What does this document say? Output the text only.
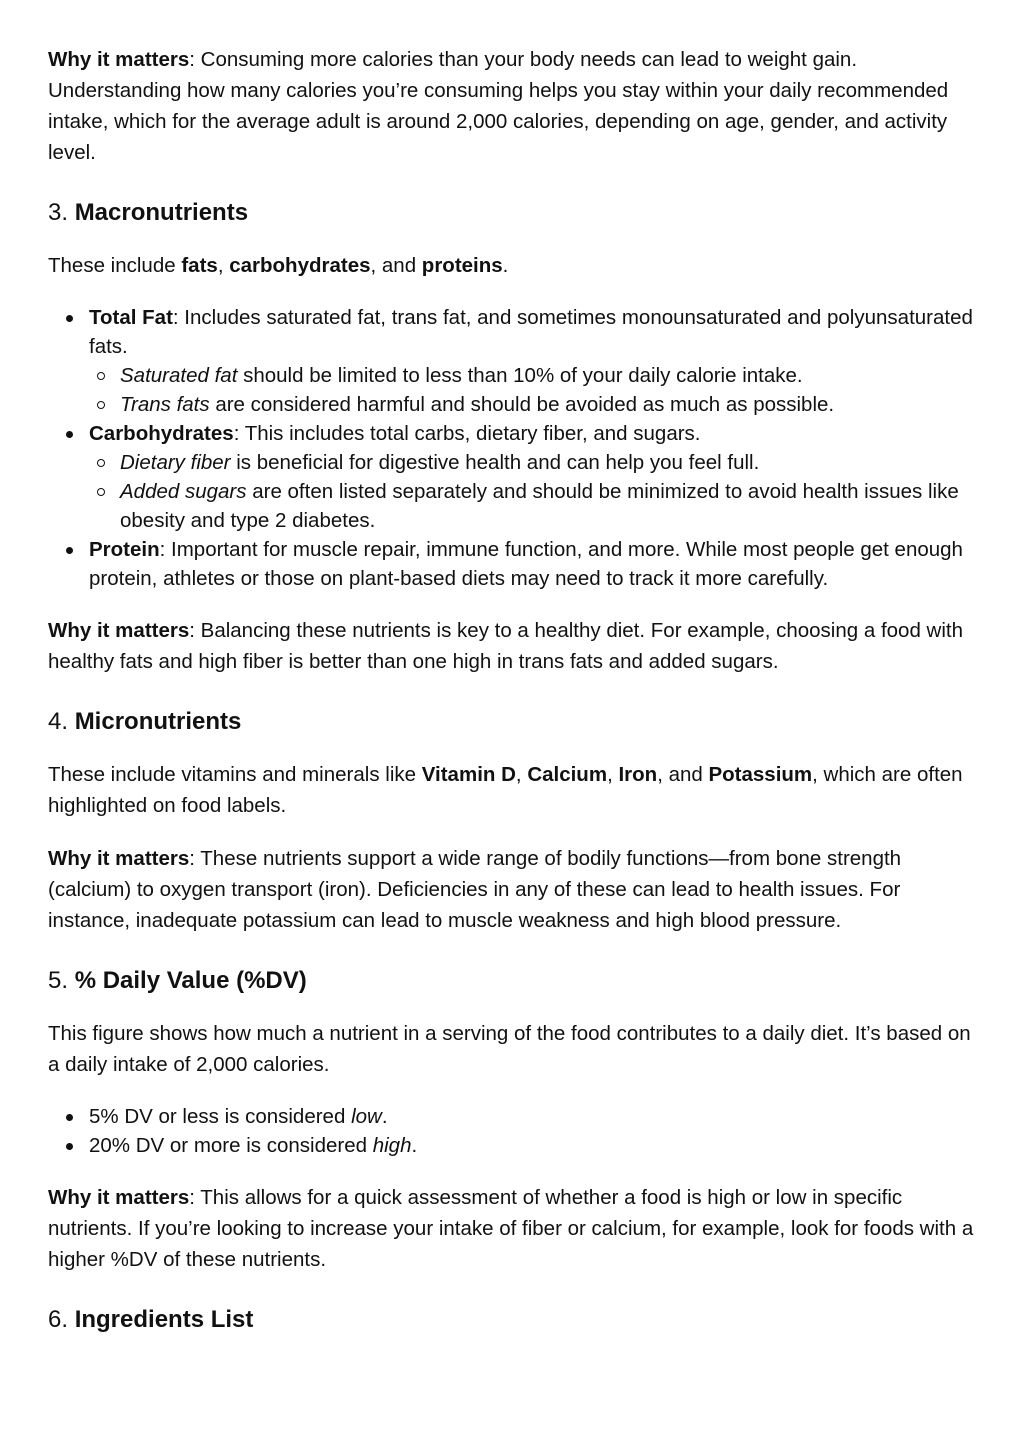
Why it matters: Consuming more calories than your body needs can lead to weight gain. Understanding how many calories you’re consuming helps you stay within your daily recommended intake, which for the average adult is around 2,000 calories, depending on age, gender, and activity level.

3. Macronutrients

These include fats, carbohydrates, and proteins.

Total Fat: Includes saturated fat, trans fat, and sometimes monounsaturated and polyunsaturated fats.
Saturated fat should be limited to less than 10% of your daily calorie intake.
Trans fats are considered harmful and should be avoided as much as possible.
Carbohydrates: This includes total carbs, dietary fiber, and sugars.
Dietary fiber is beneficial for digestive health and can help you feel full.
Added sugars are often listed separately and should be minimized to avoid health issues like obesity and type 2 diabetes.
Protein: Important for muscle repair, immune function, and more. While most people get enough protein, athletes or those on plant-based diets may need to track it more carefully.

Why it matters: Balancing these nutrients is key to a healthy diet. For example, choosing a food with healthy fats and high fiber is better than one high in trans fats and added sugars.

4. Micronutrients

These include vitamins and minerals like Vitamin D, Calcium, Iron, and Potassium, which are often highlighted on food labels.

Why it matters: These nutrients support a wide range of bodily functions—from bone strength (calcium) to oxygen transport (iron). Deficiencies in any of these can lead to health issues. For instance, inadequate potassium can lead to muscle weakness and high blood pressure.

5. % Daily Value (%DV)

This figure shows how much a nutrient in a serving of the food contributes to a daily diet. It’s based on a daily intake of 2,000 calories.

5% DV or less is considered low.
20% DV or more is considered high.

Why it matters: This allows for a quick assessment of whether a food is high or low in specific nutrients. If you’re looking to increase your intake of fiber or calcium, for example, look for foods with a higher %DV of these nutrients.

6. Ingredients List
